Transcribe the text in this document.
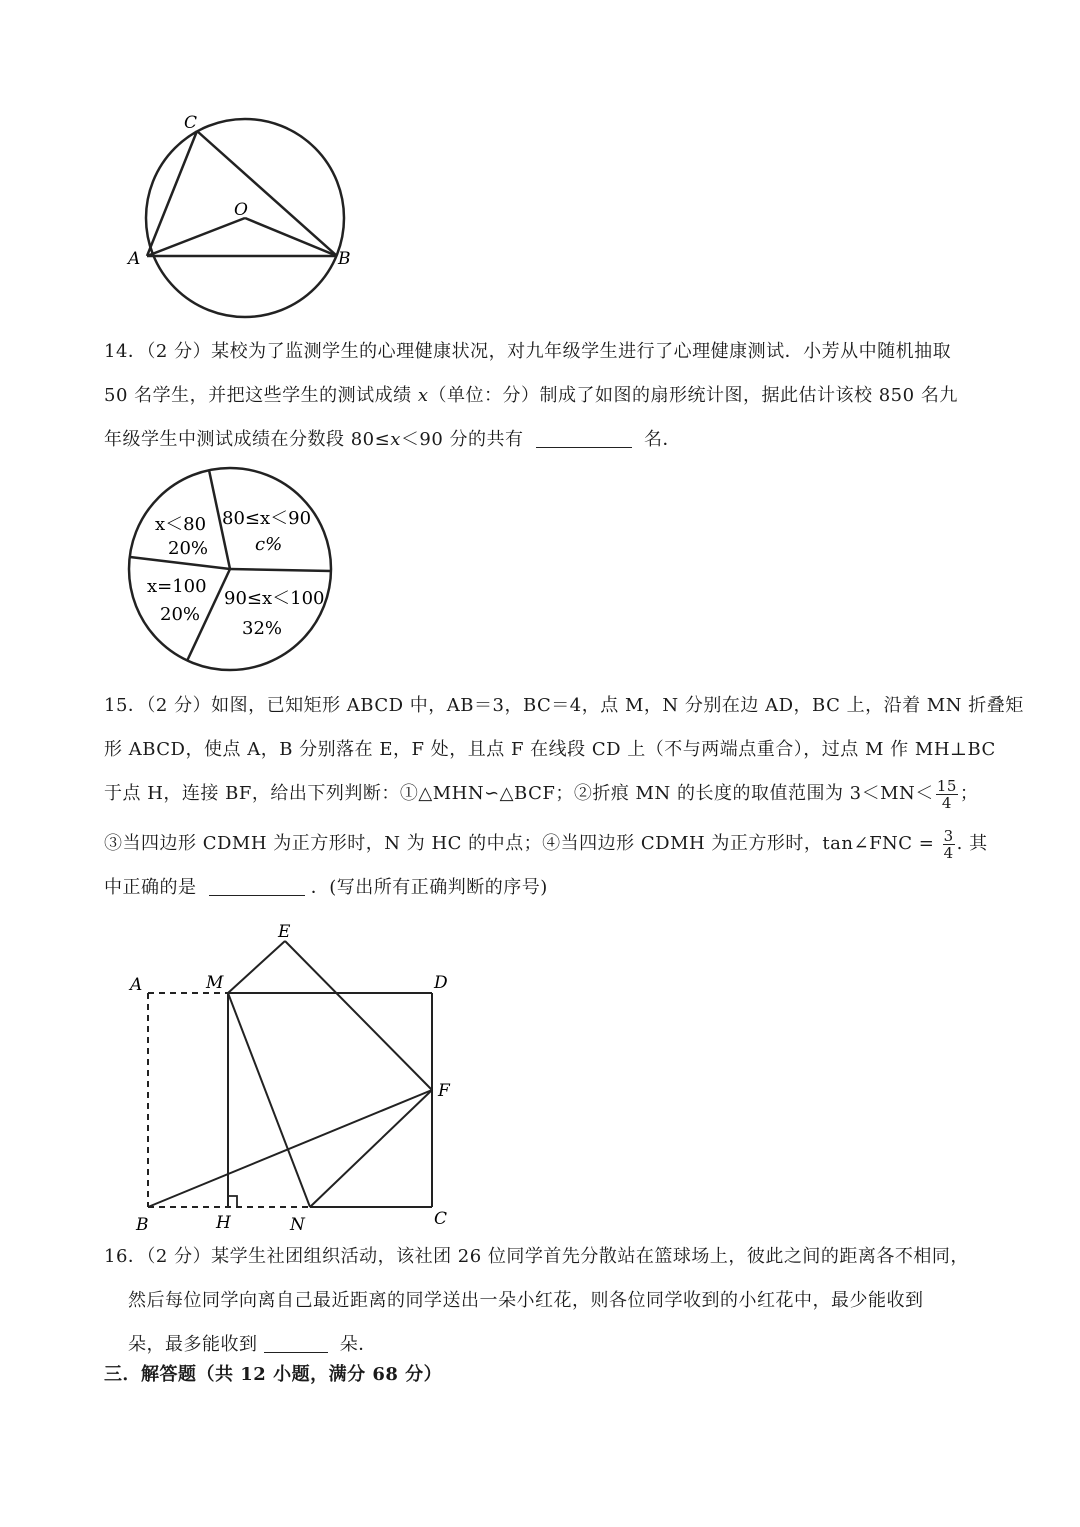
C
O
A	B
14．（2 分）某校为了监测学生的心理健康状况，对九年级学生进行了心理健康测试．小芳从中随机抽取
50 名学生，并把这些学生的测试成绩 x（单位：分）制成了如图的扇形统计图，据此估计该校 850 名九
年级学生中测试成绩在分数段 80≤x＜90 分的共有	名．
x＜80
20%
80≤x＜90
c%
x=100
20%
90≤x＜100
32%
15．（2 分）如图，已知矩形 ABCD 中，AB＝3，BC＝4，点 M，N 分别在边 AD，BC 上，沿着 MN 折叠矩
形 ABCD，使点 A，B 分别落在 E，F 处，且点 F 在线段 CD 上（不与两端点重合），过点 M 作 MH⊥BC
于点 H，连接 BF，给出下列判断：①△MHN∽△BCF；②折痕 MN 的长度的取值范围为 $3<MN< \frac{15}{4}$ ；
③当四边形 CDMH 为正方形时，N 为 HC 的中点；④当四边形 CDMH 为正方形时，tan∠FNC = $\frac{3}{4}$ . 其
中正确的是	．(写出所有正确判断的序号)
A	M
E
D
F
B	H	N	C
16．（2 分）某学生社团组织活动，该社团 26 位同学首先分散站在篮球场上，彼此之间的距离各不相同，
然后每位同学向离自己最近距离的同学送出一朵小红花，则各位同学收到的小红花中，最少能收到
朵，最多能收到	朵．
三．解答题（共 12 小题，满分 68 分）
